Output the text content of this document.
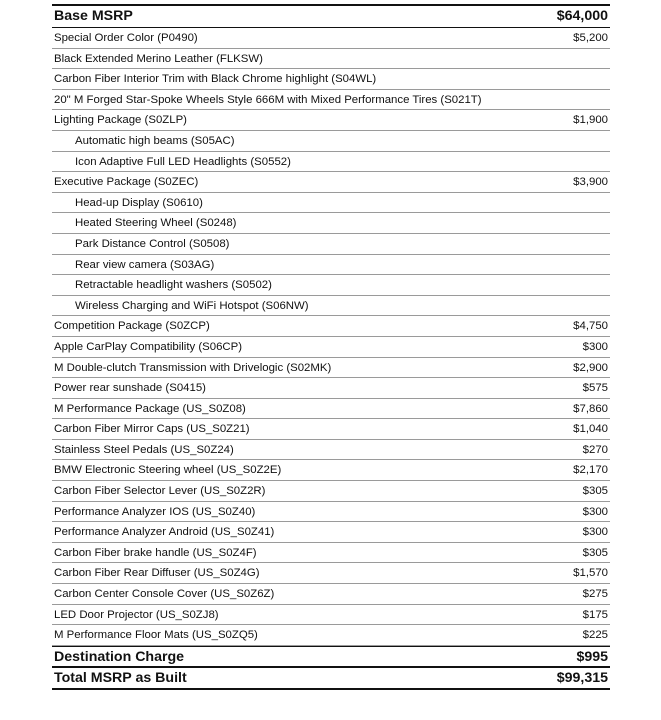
Base MSRP	$64,000
Special Order Color (P0490)	$5,200
Black Extended Merino Leather (FLKSW)
Carbon Fiber Interior Trim with Black Chrome highlight (S04WL)
20" M Forged Star-Spoke Wheels Style 666M with Mixed Performance Tires (S021T)
Lighting Package (S0ZLP)	$1,900
Automatic high beams (S05AC)
Icon Adaptive Full LED Headlights (S0552)
Executive Package (S0ZEC)	$3,900
Head-up Display (S0610)
Heated Steering Wheel (S0248)
Park Distance Control (S0508)
Rear view camera (S03AG)
Retractable headlight washers (S0502)
Wireless Charging and WiFi Hotspot (S06NW)
Competition Package (S0ZCP)	$4,750
Apple CarPlay Compatibility (S06CP)	$300
M Double-clutch Transmission with Drivelogic (S02MK)	$2,900
Power rear sunshade (S0415)	$575
M Performance Package (US_S0Z08)	$7,860
Carbon Fiber Mirror Caps (US_S0Z21)	$1,040
Stainless Steel Pedals (US_S0Z24)	$270
BMW Electronic Steering wheel (US_S0Z2E)	$2,170
Carbon Fiber Selector Lever (US_S0Z2R)	$305
Performance Analyzer IOS (US_S0Z40)	$300
Performance Analyzer Android (US_S0Z41)	$300
Carbon Fiber brake handle (US_S0Z4F)	$305
Carbon Fiber Rear Diffuser (US_S0Z4G)	$1,570
Carbon Center Console Cover (US_S0Z6Z)	$275
LED Door Projector (US_S0ZJ8)	$175
M Performance Floor Mats (US_S0ZQ5)	$225
Destination Charge	$995
Total MSRP as Built	$99,315
